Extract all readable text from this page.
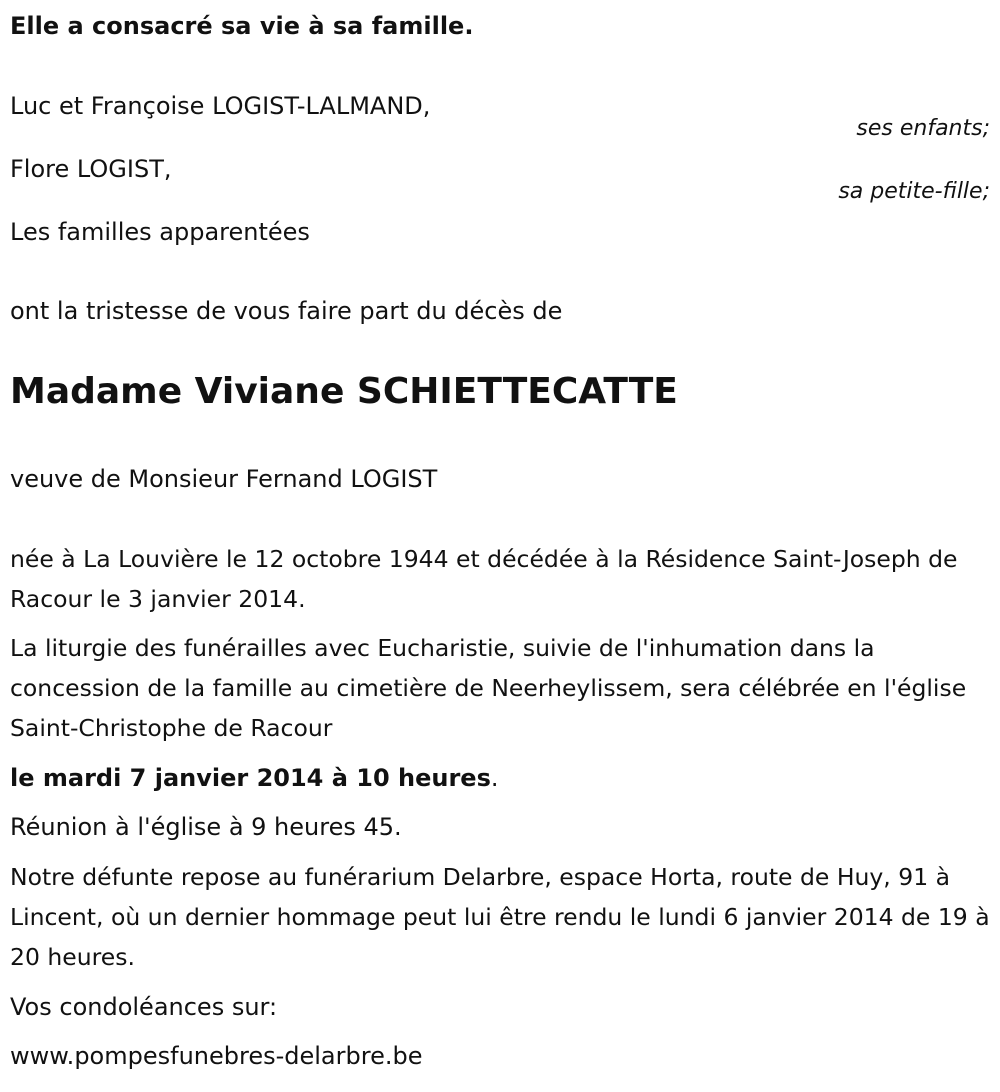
Elle a consacré sa vie à sa famille.

Luc et Françoise LOGIST-LALMAND,

ses enfants;

Flore LOGIST,

sa petite-fille;

Les familles apparentées

ont la tristesse de vous faire part du décès de

Madame Viviane SCHIETTECATTE

veuve de Monsieur Fernand LOGIST

née à La Louvière le 12 octobre 1944 et décédée à la Résidence Saint-Joseph de Racour le 3 janvier 2014.

La liturgie des funérailles avec Eucharistie, suivie de l'inhumation dans la concession de la famille au cimetière de Neerheylissem, sera célébrée en l'église Saint-Christophe de Racour

le mardi 7 janvier 2014 à 10 heures.

Réunion à l'église à 9 heures 45.

Notre défunte repose au funérarium Delarbre, espace Horta, route de Huy, 91 à Lincent, où un dernier hommage peut lui être rendu le lundi 6 janvier 2014 de 19 à 20 heures.

Vos condoléances sur:

www.pompesfunebres-delarbre.be
